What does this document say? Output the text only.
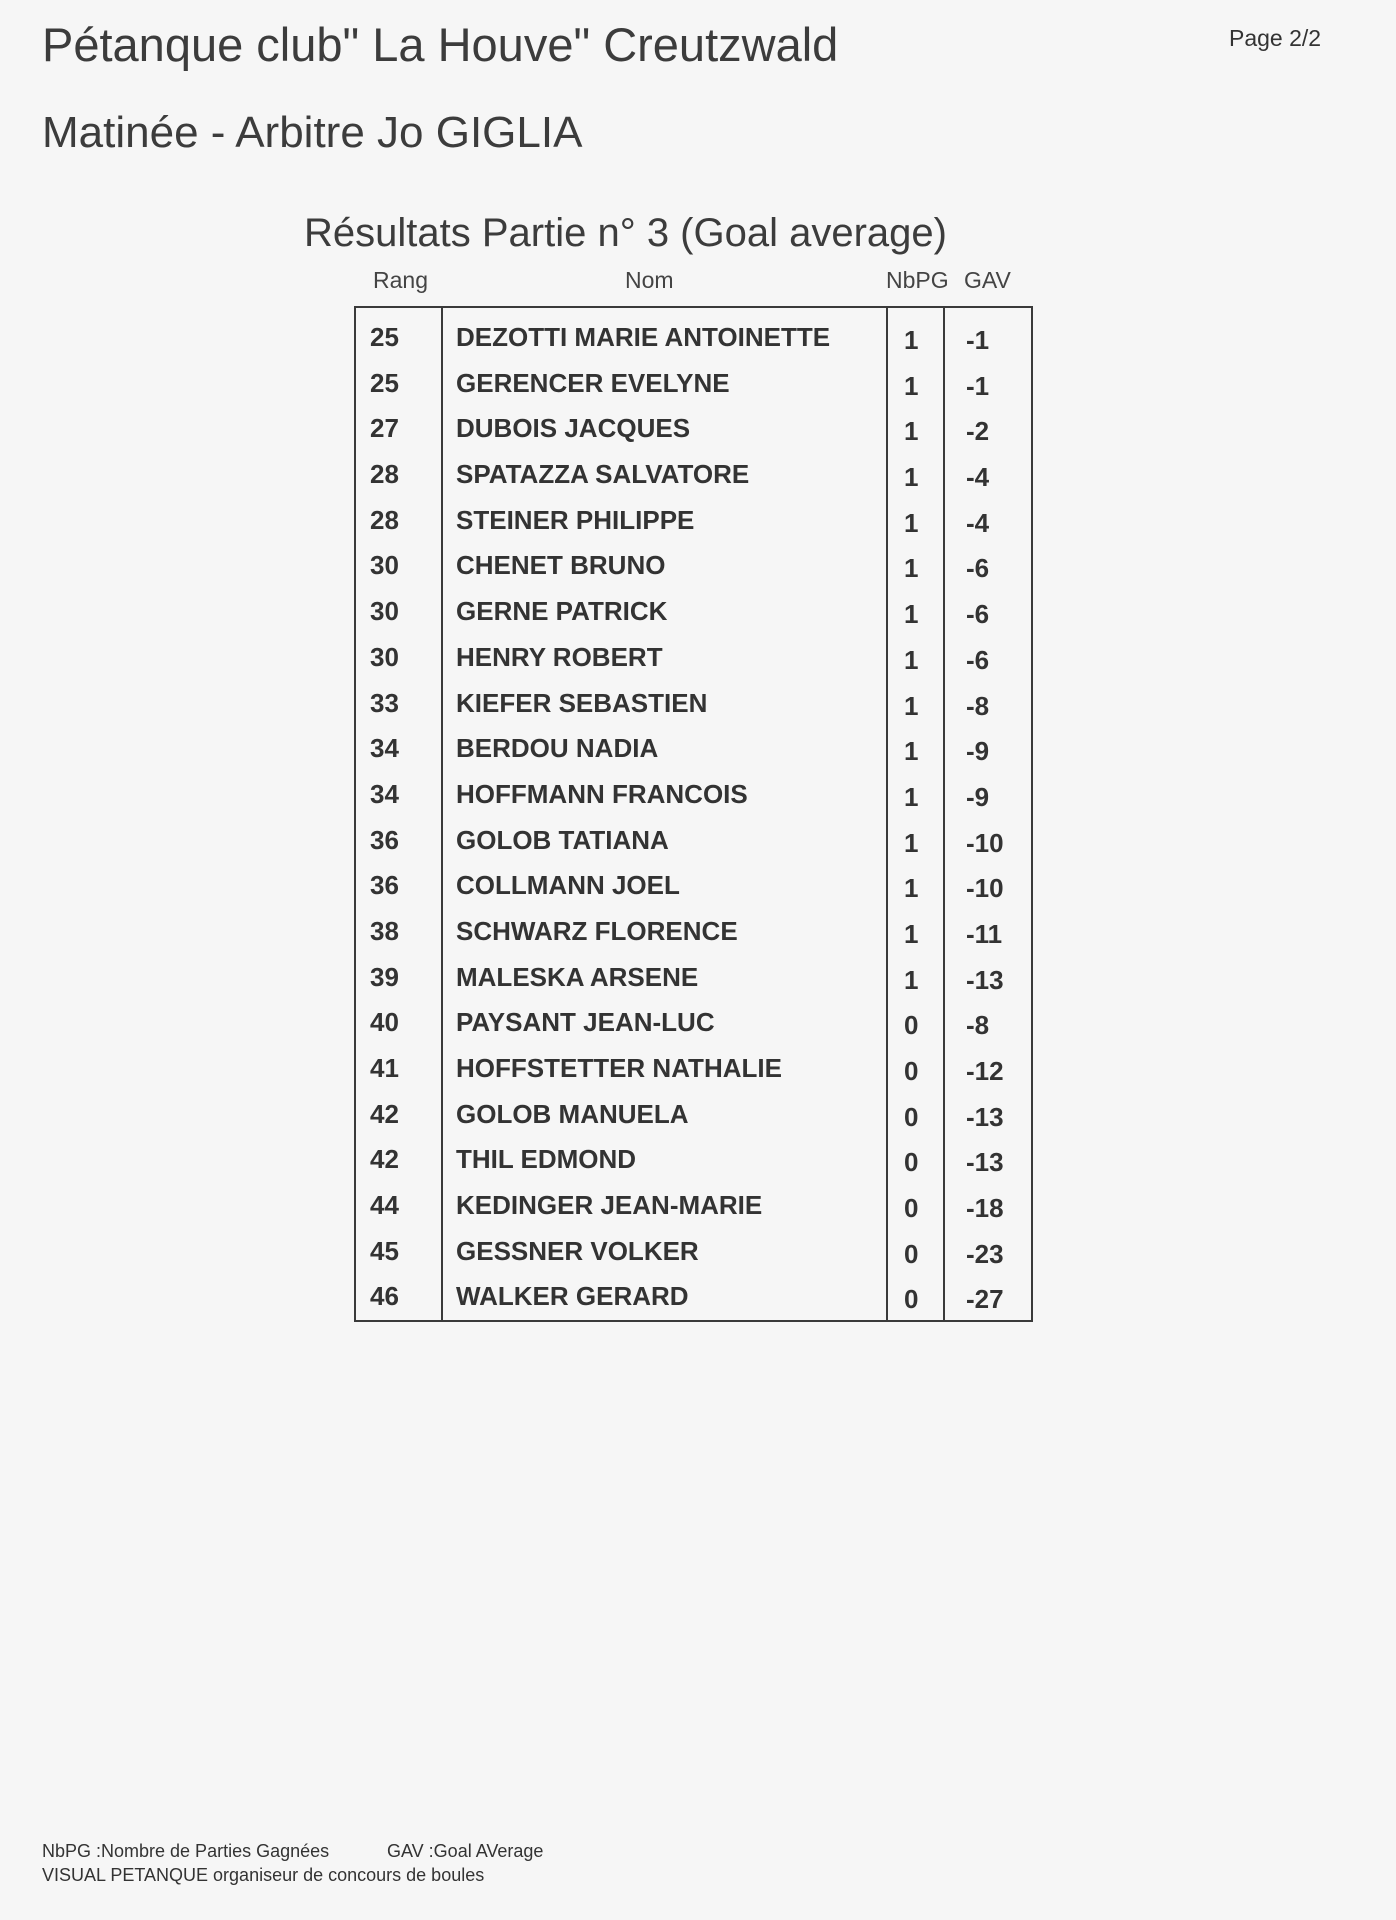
Pétanque club" La Houve" Creutzwald	Page 2/2
Matinée - Arbitre Jo GIGLIA
Résultats Partie n° 3 (Goal average)
Rang	Nom	NbPG GAV
25 DEZOTTI MARIE ANTOINETTE	1 -1
25 GERENCER EVELYNE	1 -1
27 DUBOIS JACQUES	1 -2
28 SPATAZZA SALVATORE	1 -4
28 STEINER PHILIPPE	1 -4
30 CHENET BRUNO	1 -6
30 GERNE PATRICK	1 -6
30 HENRY ROBERT	1 -6
33 KIEFER SEBASTIEN	1 -8
34 BERDOU NADIA	1 -9
34 HOFFMANN FRANCOIS	1 -9
36 GOLOB TATIANA	1 -10
36 COLLMANN JOEL	1 -10
38 SCHWARZ FLORENCE	1 -11
39 MALESKA ARSENE	1 -13
40 PAYSANT JEAN-LUC	0 -8
41 HOFFSTETTER NATHALIE	0 -12
42 GOLOB MANUELA	0 -13
42 THIL EDMOND	0 -13
44 KEDINGER JEAN-MARIE	0 -18
45 GESSNER VOLKER	0 -23
46 WALKER GERARD	0 -27
NbPG :Nombre de Parties Gagnées	GAV :Goal AVerage
VISUAL PETANQUE organiseur de concours de boules
